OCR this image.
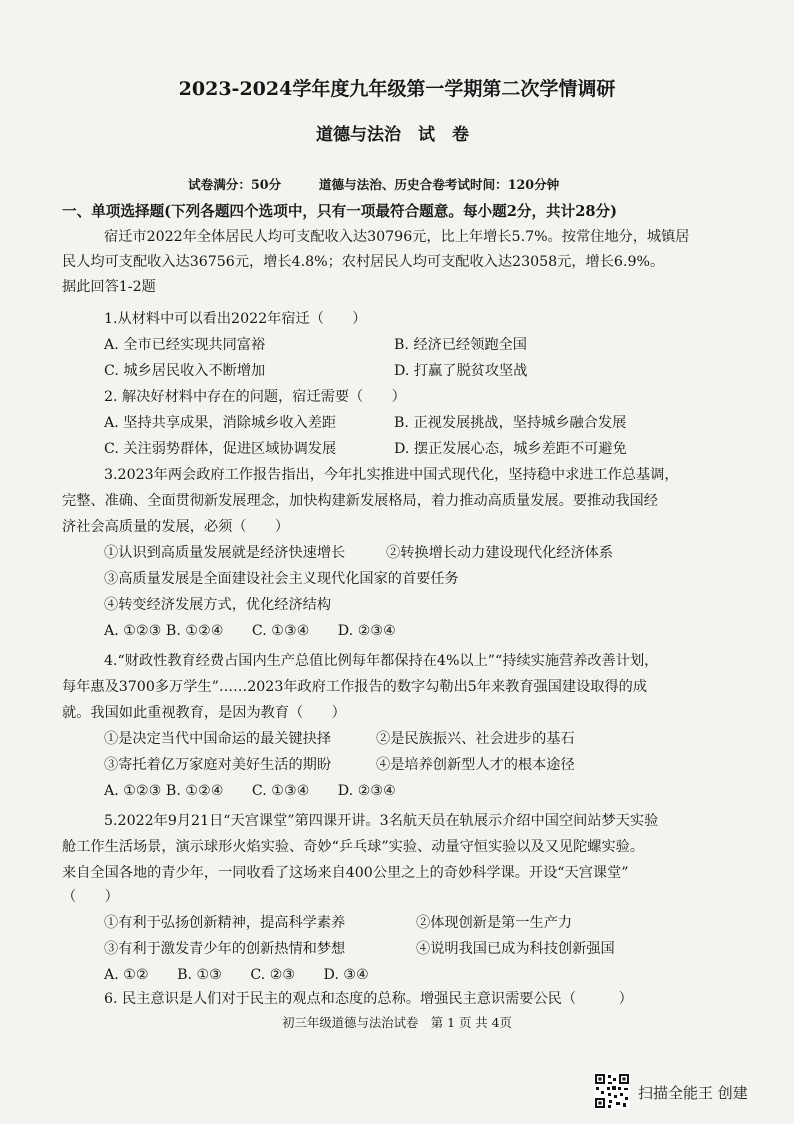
2023-2024学年度九年级第一学期第二次学情调研
道德与法治　试　卷
试卷满分：50分　　　道德与法治、历史合卷考试时间：120分钟
一、单项选择题(下列各题四个选项中，只有一项最符合题意。每小题2分，共计28分)
宿迁市2022年全体居民人均可支配收入达30796元，比上年增长5.7%。按常住地分，城镇居
民人均可支配收入达36756元，增长4.8%；农村居民人均可支配收入达23058元，增长6.9%。
据此回答1-2题
1.从材料中可以看出2022年宿迁（　　）
A. 全市已经实现共同富裕	B. 经济已经领跑全国
C. 城乡居民收入不断增加	D. 打赢了脱贫攻坚战
2. 解决好材料中存在的问题，宿迁需要（　　）
A. 坚持共享成果，消除城乡收入差距	B. 正视发展挑战，坚持城乡融合发展
C. 关注弱势群体，促进区域协调发展	D. 摆正发展心态，城乡差距不可避免
3.2023年两会政府工作报告指出，今年扎实推进中国式现代化，坚持稳中求进工作总基调，
完整、准确、全面贯彻新发展理念，加快构建新发展格局，着力推动高质量发展。要推动我国经
济社会高质量的发展，必须（　　）
①认识到高质量发展就是经济快速增长	②转换增长动力建设现代化经济体系
③高质量发展是全面建设社会主义现代化国家的首要任务
④转变经济发展方式，优化经济结构
A. ①②③ B. ①②④　　C. ①③④　　D. ②③④
4.“财政性教育经费占国内生产总值比例每年都保持在4%以上”“持续实施营养改善计划，
每年惠及3700多万学生”……2023年政府工作报告的数字勾勒出5年来教育强国建设取得的成
就。我国如此重视教育，是因为教育（　　）
①是决定当代中国命运的最关键抉择	②是民族振兴、社会进步的基石
③寄托着亿万家庭对美好生活的期盼	④是培养创新型人才的根本途径
A. ①②③ B. ①②④　　C. ①③④　　D. ②③④
5.2022年9月21日“天宫课堂”第四课开讲。3名航天员在轨展示介绍中国空间站梦天实验
舱工作生活场景，演示球形火焰实验、奇妙“乒乓球”实验、动量守恒实验以及又见陀螺实验。
来自全国各地的青少年，一同收看了这场来自400公里之上的奇妙科学课。开设“天宫课堂”
（　　）
①有利于弘扬创新精神，提高科学素养	②体现创新是第一生产力
③有利于激发青少年的创新热情和梦想	④说明我国已成为科技创新强国
A. ①②　　B. ①③　　C. ②③　　D. ③④
6. 民主意识是人们对于民主的观点和态度的总称。增强民主意识需要公民（　　　）
初三年级道德与法治试卷　第 1 页 共 4页
扫描全能王 创建
